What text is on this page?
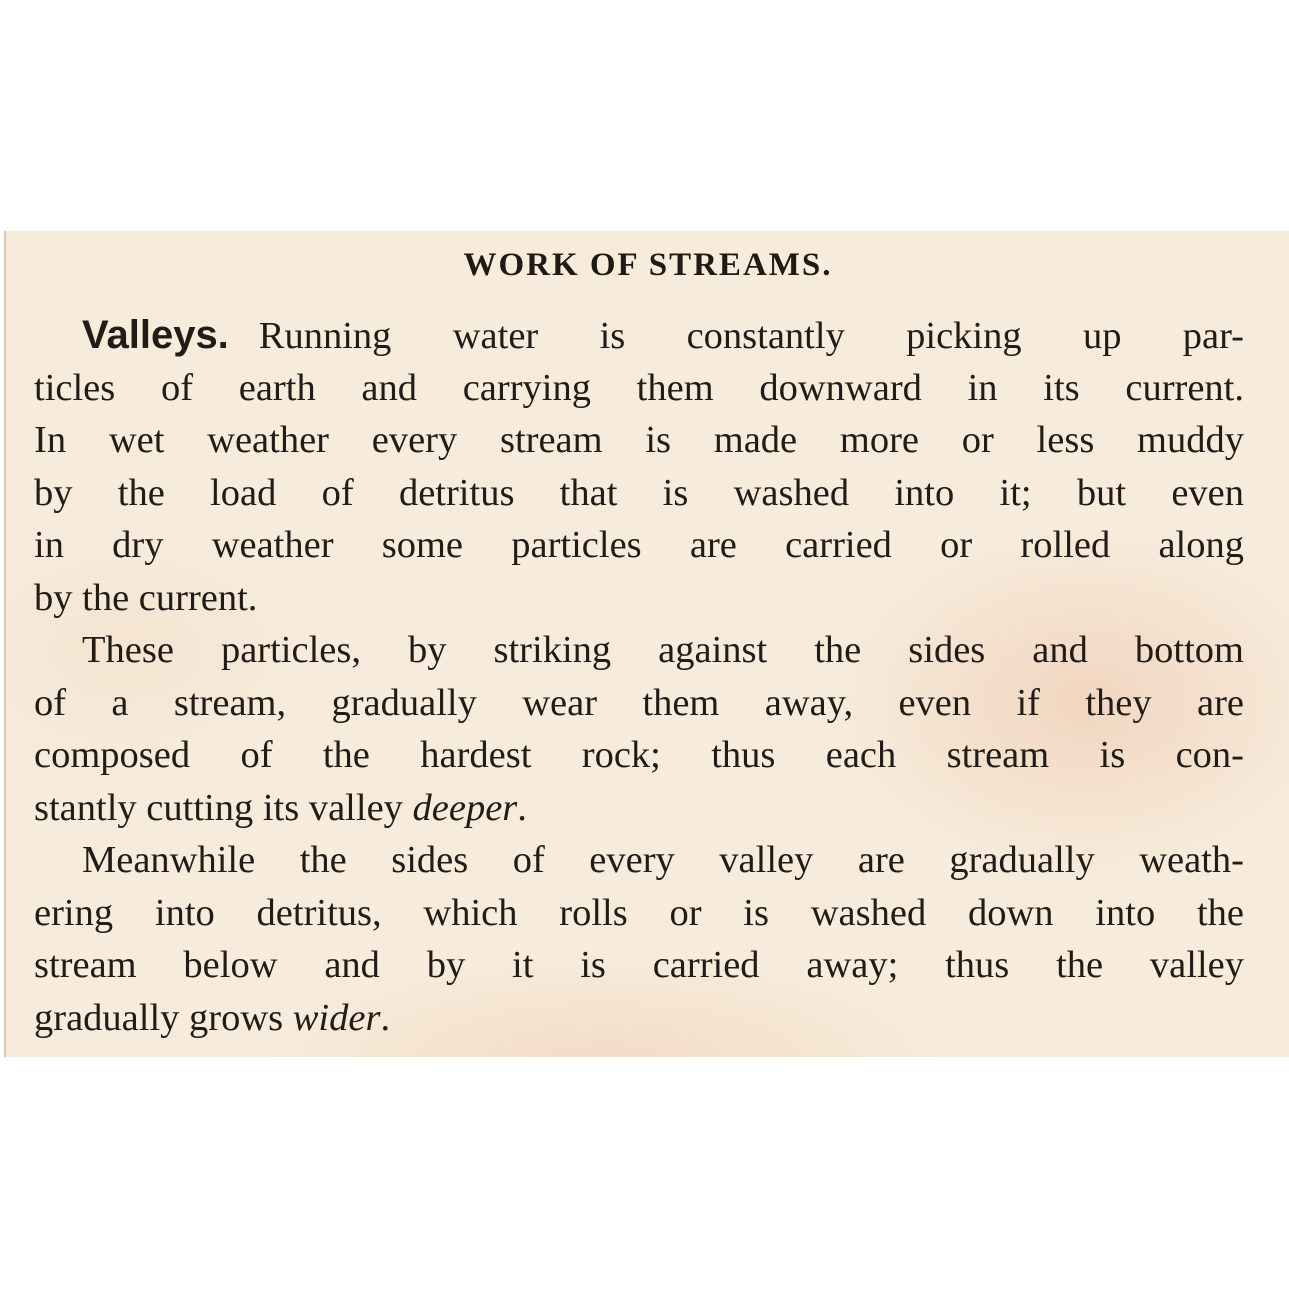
WORK OF STREAMS.
Valleys. Running water is constantly picking up par-
ticles of earth and carrying them downward in its current.
In wet weather every stream is made more or less muddy
by the load of detritus that is washed into it; but even
in dry weather some particles are carried or rolled along
by the current.
These particles, by striking against the sides and bottom
of a stream, gradually wear them away, even if they are
composed of the hardest rock; thus each stream is con-
stantly cutting its valley deeper.
Meanwhile the sides of every valley are gradually weath-
ering into detritus, which rolls or is washed down into the
stream below and by it is carried away; thus the valley
gradually grows wider.
